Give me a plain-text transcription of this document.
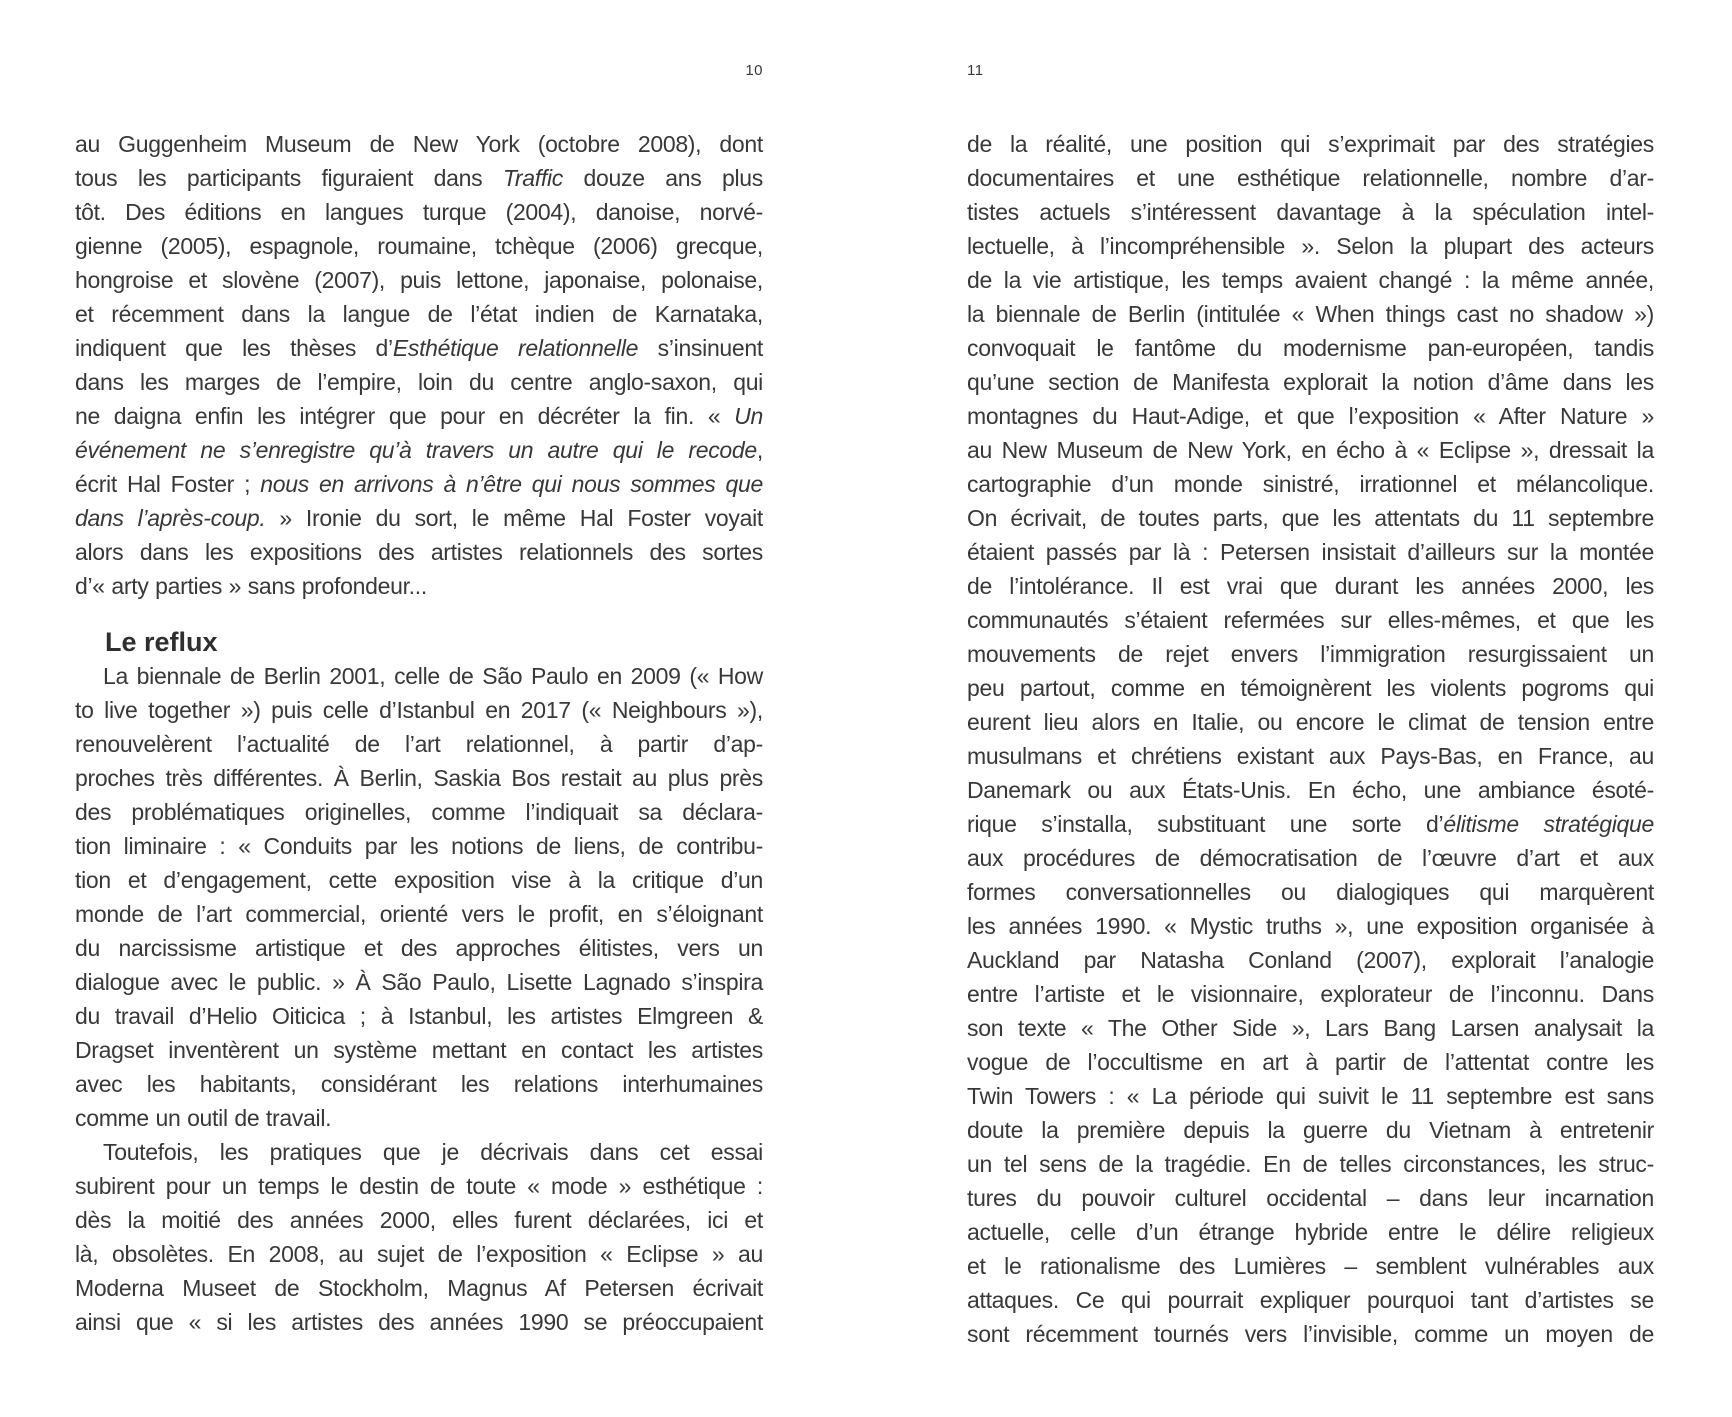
10
au Guggenheim Museum de New York (octobre 2008), dont
tous les participants figuraient dans Traffic douze ans plus
tôt. Des éditions en langues turque (2004), danoise, norvé-
gienne (2005), espagnole, roumaine, tchèque (2006) grecque,
hongroise et slovène (2007), puis lettone, japonaise, polonaise,
et récemment dans la langue de l’état indien de Karnataka,
indiquent que les thèses d’Esthétique relationnelle s’insinuent
dans les marges de l’empire, loin du centre anglo-saxon, qui
ne daigna enfin les intégrer que pour en décréter la fin. « Un
événement ne s’enregistre qu’à travers un autre qui le recode,
écrit Hal Foster ; nous en arrivons à n’être qui nous sommes que
dans l’après-coup. » Ironie du sort, le même Hal Foster voyait
alors dans les expositions des artistes relationnels des sortes
d’« arty parties » sans profondeur...
Le reflux
La biennale de Berlin 2001, celle de São Paulo en 2009 (« How
to live together ») puis celle d’Istanbul en 2017 (« Neighbours »),
renouvelèrent l’actualité de l’art relationnel, à partir d’ap-
proches très différentes. À Berlin, Saskia Bos restait au plus près
des problématiques originelles, comme l’indiquait sa déclara-
tion liminaire : « Conduits par les notions de liens, de contribu-
tion et d’engagement, cette exposition vise à la critique d’un
monde de l’art commercial, orienté vers le profit, en s’éloignant
du narcissisme artistique et des approches élitistes, vers un
dialogue avec le public. » À São Paulo, Lisette Lagnado s’inspira
du travail d’Helio Oiticica ; à Istanbul, les artistes Elmgreen &
Dragset inventèrent un système mettant en contact les artistes
avec les habitants, considérant les relations interhumaines
comme un outil de travail.
Toutefois, les pratiques que je décrivais dans cet essai
subirent pour un temps le destin de toute « mode » esthétique :
dès la moitié des années 2000, elles furent déclarées, ici et
là, obsolètes. En 2008, au sujet de l’exposition « Eclipse » au
Moderna Museet de Stockholm, Magnus Af Petersen écrivait
ainsi que « si les artistes des années 1990 se préoccupaient
11
de la réalité, une position qui s’exprimait par des stratégies
documentaires et une esthétique relationnelle, nombre d’ar-
tistes actuels s’intéressent davantage à la spéculation intel-
lectuelle, à l’incompréhensible ». Selon la plupart des acteurs
de la vie artistique, les temps avaient changé : la même année,
la biennale de Berlin (intitulée « When things cast no shadow »)
convoquait le fantôme du modernisme pan-européen, tandis
qu’une section de Manifesta explorait la notion d’âme dans les
montagnes du Haut-Adige, et que l’exposition « After Nature »
au New Museum de New York, en écho à « Eclipse », dressait la
cartographie d’un monde sinistré, irrationnel et mélancolique.
On écrivait, de toutes parts, que les attentats du 11 septembre
étaient passés par là : Petersen insistait d’ailleurs sur la montée
de l’intolérance. Il est vrai que durant les années 2000, les
communautés s’étaient refermées sur elles-mêmes, et que les
mouvements de rejet envers l’immigration resurgissaient un
peu partout, comme en témoignèrent les violents pogroms qui
eurent lieu alors en Italie, ou encore le climat de tension entre
musulmans et chrétiens existant aux Pays-Bas, en France, au
Danemark ou aux États-Unis. En écho, une ambiance ésoté-
rique s’installa, substituant une sorte d’élitisme stratégique
aux procédures de démocratisation de l’œuvre d’art et aux
formes conversationnelles ou dialogiques qui marquèrent
les années 1990. « Mystic truths », une exposition organisée à
Auckland par Natasha Conland (2007), explorait l’analogie
entre l’artiste et le visionnaire, explorateur de l’inconnu. Dans
son texte « The Other Side », Lars Bang Larsen analysait la
vogue de l’occultisme en art à partir de l’attentat contre les
Twin Towers : « La période qui suivit le 11 septembre est sans
doute la première depuis la guerre du Vietnam à entretenir
un tel sens de la tragédie. En de telles circonstances, les struc-
tures du pouvoir culturel occidental – dans leur incarnation
actuelle, celle d’un étrange hybride entre le délire religieux
et le rationalisme des Lumières – semblent vulnérables aux
attaques. Ce qui pourrait expliquer pourquoi tant d’artistes se
sont récemment tournés vers l’invisible, comme un moyen de
